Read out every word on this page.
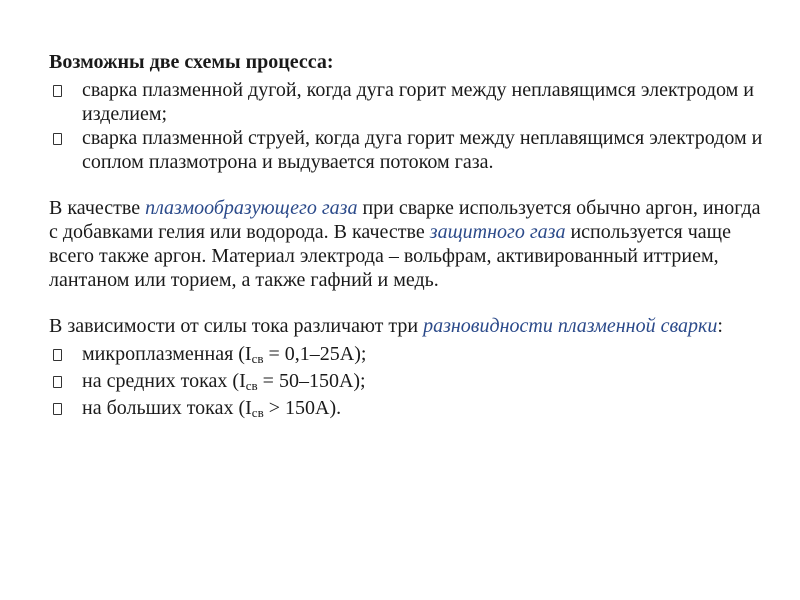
Возможны две схемы процесса:
сварка плазменной дугой, когда дуга горит между неплавящимся электродом и изделием;
сварка плазменной струей, когда дуга горит между неплавящимся электродом и соплом плазмотрона и выдувается потоком газа.

В качестве плазмообразующего газа при сварке используется обычно аргон, иногда с добавками гелия или водорода. В качестве защитного газа используется чаще всего также аргон. Материал электрода – вольфрам, активированный иттрием, лантаном или торием, а также гафний и медь.

В зависимости от силы тока различают три разновидности плазменной сварки:

микроплазменная $(I_{св} = 0,1-25А)$;
на средних токах $(I_{св} = 50-150А)$;
на больших токах $(I_{св} > 150А)$.
